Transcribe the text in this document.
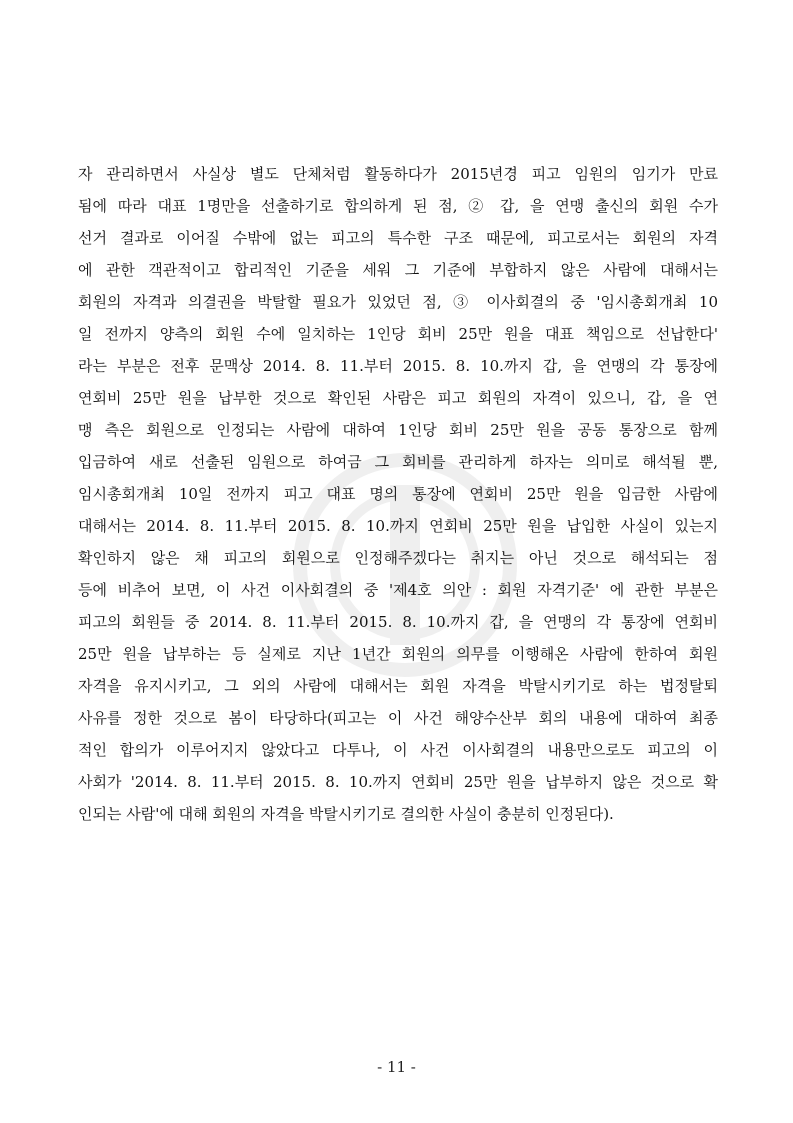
자 관리하면서 사실상 별도 단체처럼 활동하다가 2015년경 피고 임원의 임기가 만료
됨에 따라 대표 1명만을 선출하기로 합의하게 된 점, ② 갑, 을 연맹 출신의 회원 수가
선거 결과로 이어질 수밖에 없는 피고의 특수한 구조 때문에, 피고로서는 회원의 자격
에 관한 객관적이고 합리적인 기준을 세워 그 기준에 부합하지 않은 사람에 대해서는
회원의 자격과 의결권을 박탈할 필요가 있었던 점, ③ 이사회결의 중 '임시총회개최 10
일 전까지 양측의 회원 수에 일치하는 1인당 회비 25만 원을 대표 책임으로 선납한다'
라는 부분은 전후 문맥상 2014. 8. 11.부터 2015. 8. 10.까지 갑, 을 연맹의 각 통장에
연회비 25만 원을 납부한 것으로 확인된 사람은 피고 회원의 자격이 있으니, 갑, 을 연
맹 측은 회원으로 인정되는 사람에 대하여 1인당 회비 25만 원을 공동 통장으로 함께
입금하여 새로 선출된 임원으로 하여금 그 회비를 관리하게 하자는 의미로 해석될 뿐,
임시총회개최 10일 전까지 피고 대표 명의 통장에 연회비 25만 원을 입금한 사람에
대해서는 2014. 8. 11.부터 2015. 8. 10.까지 연회비 25만 원을 납입한 사실이 있는지
확인하지 않은 채 피고의 회원으로 인정해주겠다는 취지는 아닌 것으로 해석되는 점
등에 비추어 보면, 이 사건 이사회결의 중 '제4호 의안 : 회원 자격기준' 에 관한 부분은
피고의 회원들 중 2014. 8. 11.부터 2015. 8. 10.까지 갑, 을 연맹의 각 통장에 연회비
25만 원을 납부하는 등 실제로 지난 1년간 회원의 의무를 이행해온 사람에 한하여 회원
자격을 유지시키고, 그 외의 사람에 대해서는 회원 자격을 박탈시키기로 하는 법정탈퇴
사유를 정한 것으로 봄이 타당하다(피고는 이 사건 해양수산부 회의 내용에 대하여 최종
적인 합의가 이루어지지 않았다고 다투나, 이 사건 이사회결의 내용만으로도 피고의 이
사회가 '2014. 8. 11.부터 2015. 8. 10.까지 연회비 25만 원을 납부하지 않은 것으로 확
인되는 사람'에 대해 회원의 자격을 박탈시키기로 결의한 사실이 충분히 인정된다).
- 11 -
